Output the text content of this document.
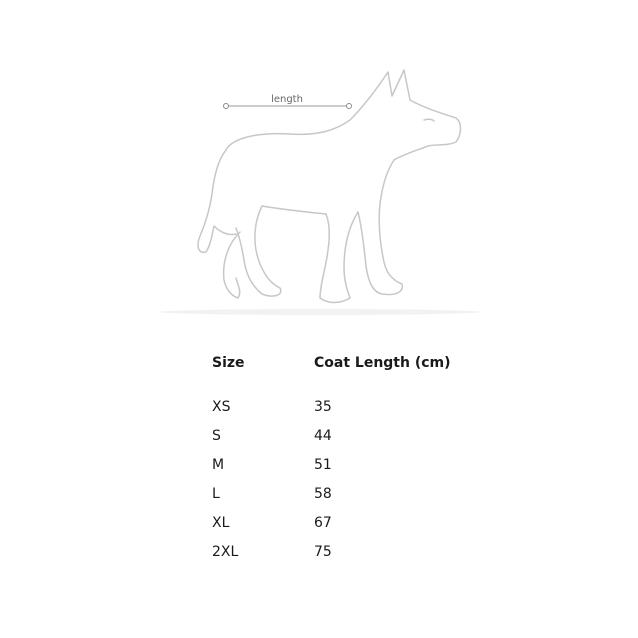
length
Size	Coat Length (cm)
XS	35
S	44
M	51
L	58
XL	67
2XL	75
